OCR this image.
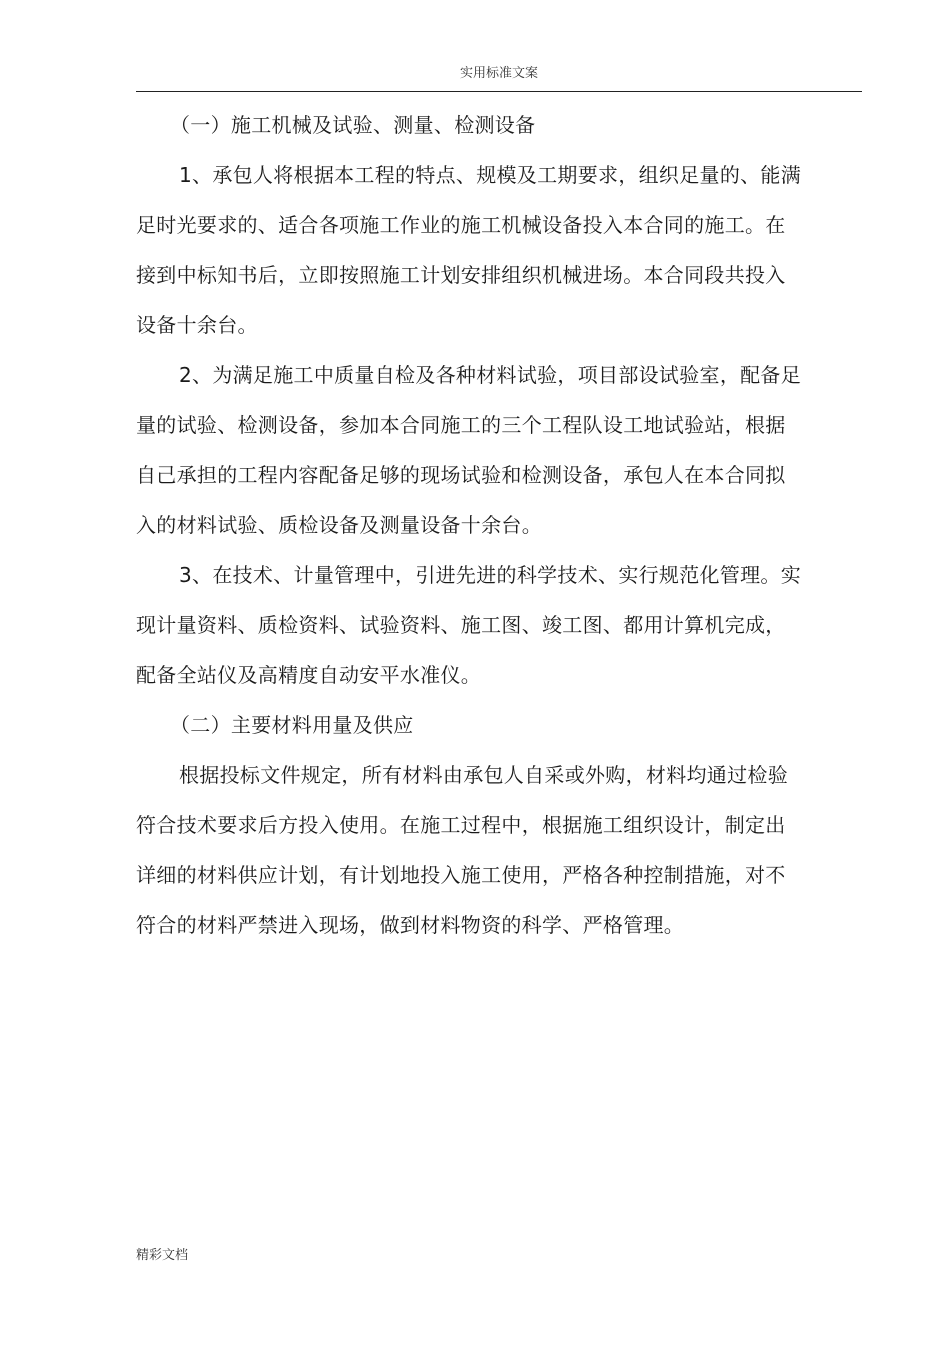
实用标准文案
（一）施工机械及试验、测量、检测设备
1、承包人将根据本工程的特点、规模及工期要求，组织足量的、能满
足时光要求的、适合各项施工作业的施工机械设备投入本合同的施工。在
接到中标知书后，立即按照施工计划安排组织机械进场。本合同段共投入
设备十余台。
2、为满足施工中质量自检及各种材料试验，项目部设试验室，配备足
量的试验、检测设备，参加本合同施工的三个工程队设工地试验站，根据
自己承担的工程内容配备足够的现场试验和检测设备，承包人在本合同拟
入的材料试验、质检设备及测量设备十余台。
3、在技术、计量管理中，引进先进的科学技术、实行规范化管理。实
现计量资料、质检资料、试验资料、施工图、竣工图、都用计算机完成，
配备全站仪及高精度自动安平水准仪。
（二）主要材料用量及供应
根据投标文件规定，所有材料由承包人自采或外购，材料均通过检验
符合技术要求后方投入使用。在施工过程中，根据施工组织设计，制定出
详细的材料供应计划，有计划地投入施工使用，严格各种控制措施，对不
符合的材料严禁进入现场，做到材料物资的科学、严格管理。
精彩文档
